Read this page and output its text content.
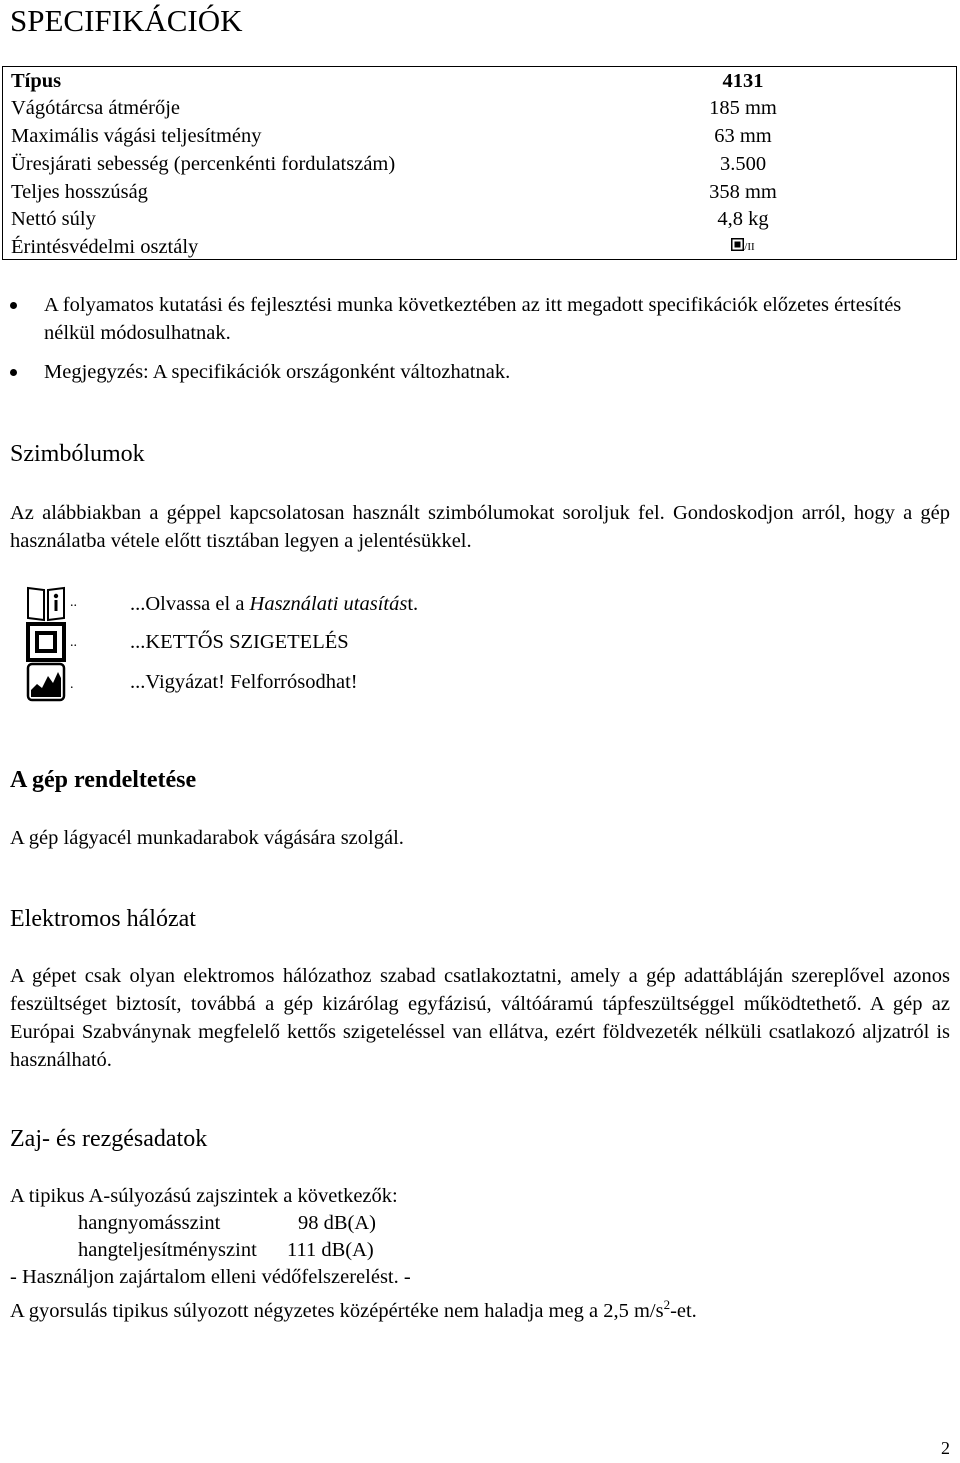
SPECIFIKÁCIÓK
Típus	4131
Vágótárcsa átmérője	185 mm
Maximális vágási teljesítmény	63 mm
Üresjárati sebesség (percenkénti fordulatszám)	3.500
Teljes hosszúság	358 mm
Nettó súly	4,8 kg
Érintésvédelmi osztály	/II
A folyamatos kutatási és fejlesztési munka következtében az itt megadott specifikációk előzetes értesítés nélkül módosulhatnak.
Megjegyzés: A specifikációk országonként változhatnak.
Szimbólumok
Az alábbiakban a géppel kapcsolatosan használt szimbólumokat soroljuk fel. Gondoskodjon arról, hogy a gép használatba vétele előtt tisztában legyen a jelentésükkel.
..	...Olvassa el a Használati utasítást.
..	...KETTŐS SZIGETELÉS
.	...Vigyázat! Felforrósodhat!
A gép rendeltetése
A gép lágyacél munkadarabok vágására szolgál.
Elektromos hálózat
A gépet csak olyan elektromos hálózathoz szabad csatlakoztatni, amely a gép adattábláján szereplővel azonos feszültséget biztosít, továbbá a gép kizárólag egyfázisú, váltóáramú tápfeszültséggel működtethető. A gép az Európai Szabványnak megfelelő kettős szigeteléssel van ellátva, ezért földvezeték nélküli csatlakozó aljzatról is használható.
Zaj- és rezgésadatok
A tipikus A-súlyozású zajszintek a következők:
hangnyomásszint	98 dB(A)
hangteljesítményszint 111 dB(A)
- Használjon zajártalom elleni védőfelszerelést. -
A gyorsulás tipikus súlyozott négyzetes középértéke nem haladja meg a 2,5 $m/s^2-et$.
2
